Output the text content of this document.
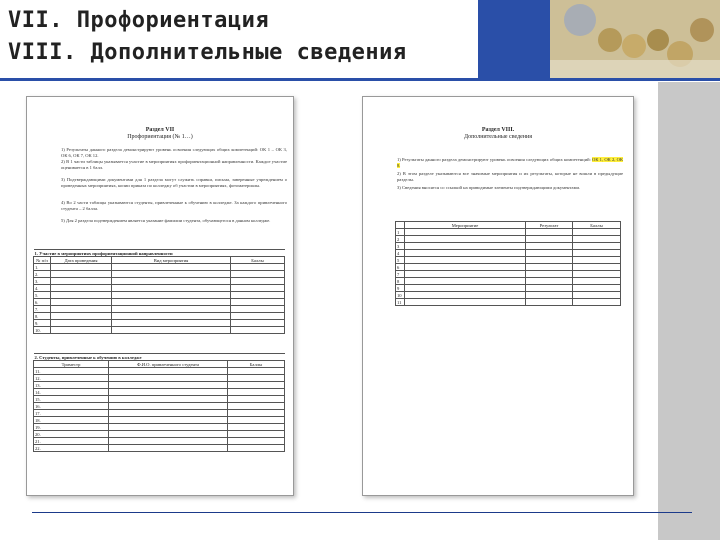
VII. Профориентация
VIII. Дополнительные сведения
Раздел VII
Профориентация (№ 1…)
1) Результаты данного раздела демонстрируют уровень освоения следующих общих компетенций: ОК 1 – ОК 3, ОК 6, ОК 7, ОК 12.
2) В 1 части таблицы указывается участие в мероприятиях профориентационной направленности. Каждое участие оценивается в 1 балл.
3) Подтверждающими документами для 1 раздела могут служить справки, письма, заверенные учреждением о проведенных мероприятиях, копии приказа по колледжу об участии в мероприятиях, фотоматериалы.
4) Во 2 части таблицы указываются студенты, привлеченные к обучению в колледже. За каждого привлеченного студента – 2 балла.
5) Для 2 раздела подтверждением является указание фамилии студента, обучающегося в данном колледже.
1. Участие в мероприятиях профориентационной направленности			
№ п/п	Дата проведения	Вид мероприятия	Баллы
1.			
2.			
3.			
4.			
5.			
6.			
7.			
8.			
9.			
10.			
2. Студенты, привлеченные к обучению в колледже		
Триместр	Ф.И.О. привлеченного студента	Баллы
11.		
12.		
13.		
14.		
15.		
16.		
17.		
18.		
19.		
20.		
21.		
22.		
Раздел VIII.
Дополнительные сведения
1) Результаты данного раздела демонстрируют уровень освоения следующих общих компетенций: ОК 1, ОК 2, ОК 8.
2) В этом разделе указываются все значимые мероприятия и их результаты, которые не вошли в предыдущие разделы.
3) Сведения вносятся со ссылкой на приводимые элементы подтверждающими документами.
	Мероприятие	Результат	Баллы
1			
2			
3			
4			
5			
6			
7			
8			
9			
10			
11			
